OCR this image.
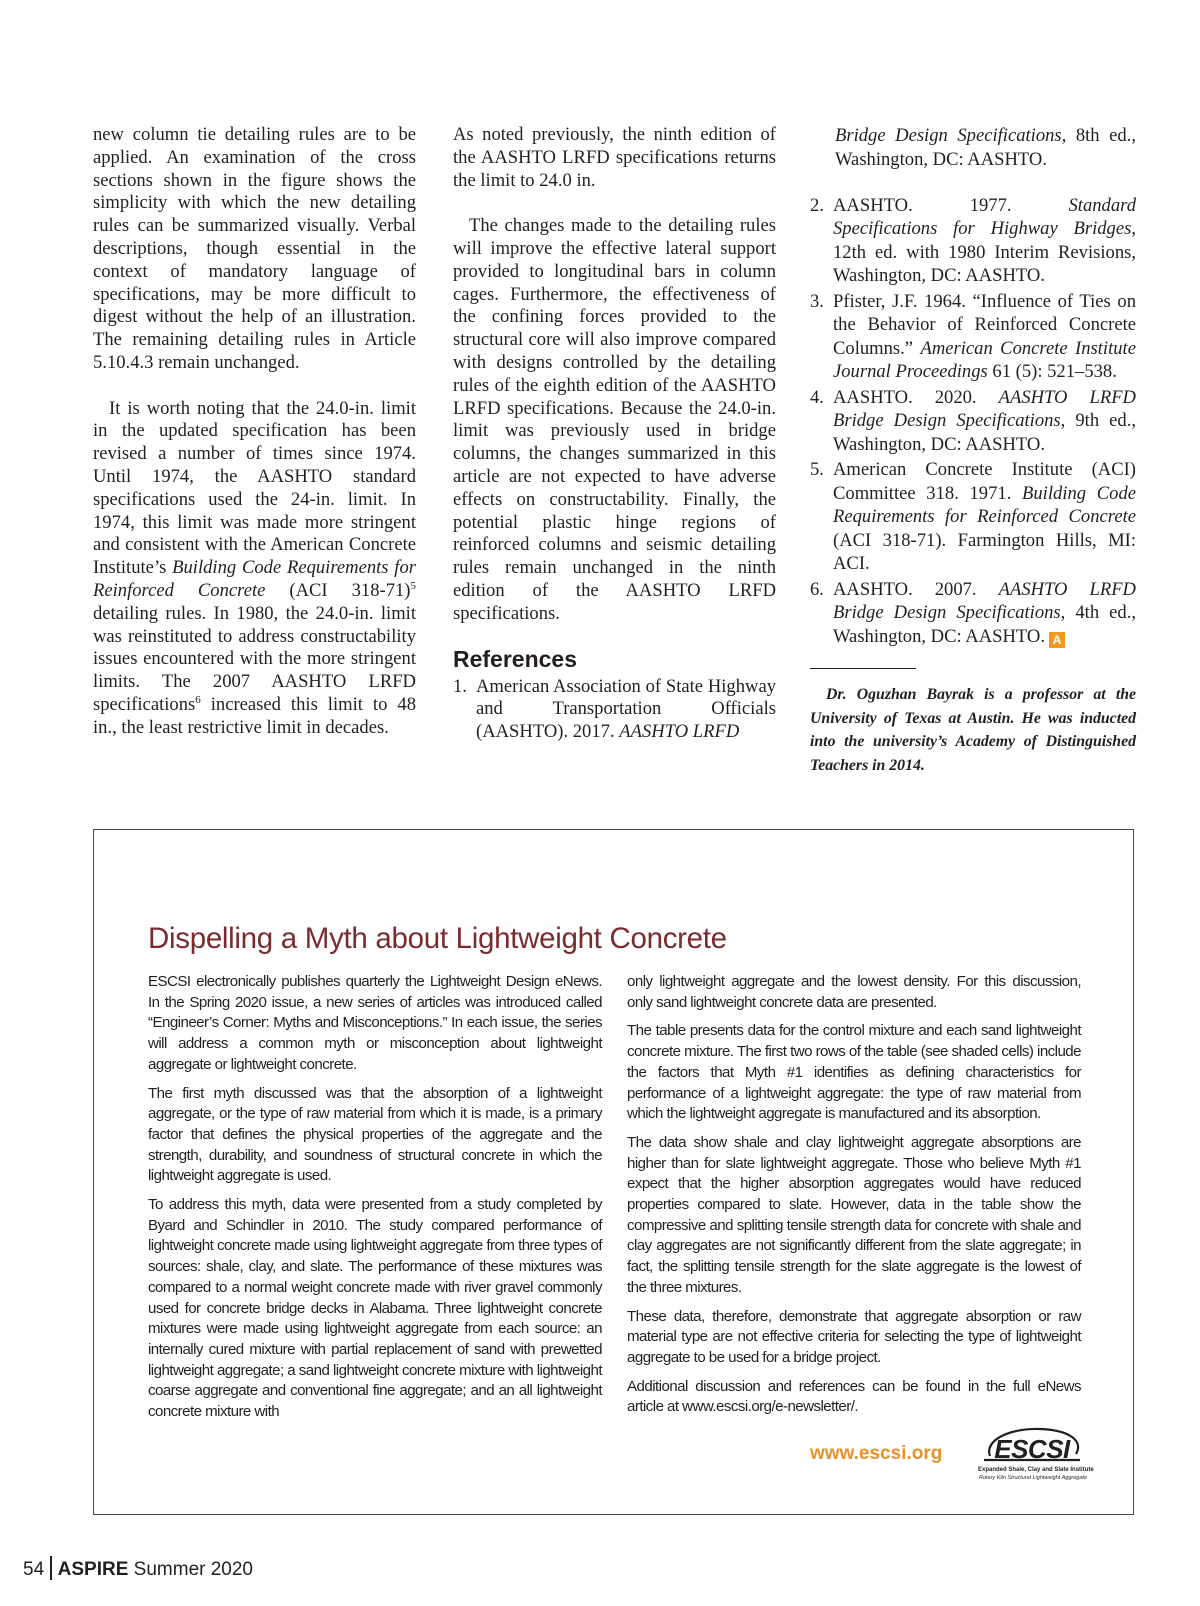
new column tie detailing rules are to be applied. An examination of the cross sections shown in the figure shows the simplicity with which the new detailing rules can be summarized visually. Verbal descriptions, though essential in the context of mandatory language of specifications, may be more difficult to digest without the help of an illustration. The remaining detailing rules in Article 5.10.4.3 remain unchanged.

It is worth noting that the 24.0-in. limit in the updated specification has been revised a number of times since 1974. Until 1974, the AASHTO standard specifications used the 24-in. limit. In 1974, this limit was made more stringent and consistent with the American Concrete Institute’s Building Code Requirements for Reinforced Concrete (ACI 318-71)$^5$ detailing rules. In 1980, the 24.0-in. limit was reinstituted to address constructability issues encountered with the more stringent limits. The 2007 AASHTO LRFD specifications$^6$ increased this limit to 48 in., the least restrictive limit in decades.

As noted previously, the ninth edition of the AASHTO LRFD specifications returns the limit to 24.0 in.

The changes made to the detailing rules will improve the effective lateral support provided to longitudinal bars in column cages. Furthermore, the effectiveness of the confining forces provided to the structural core will also improve compared with designs controlled by the detailing rules of the eighth edition of the AASHTO LRFD specifications. Because the 24.0-in. limit was previously used in bridge columns, the changes summarized in this article are not expected to have adverse effects on constructability. Finally, the potential plastic hinge regions of reinforced columns and seismic detailing rules remain unchanged in the ninth edition of the AASHTO LRFD specifications.

References

1. American Association of State Highway and Transportation Officials (AASHTO). 2017. AASHTO LRFD

Bridge Design Specifications, 8th ed., Washington, DC: AASHTO.

2. AASHTO. 1977. Standard Specifications for Highway Bridges, 12th ed. with 1980 Interim Revisions, Washington, DC: AASHTO.

3. Pfister, J.F. 1964. “Influence of Ties on the Behavior of Reinforced Concrete Columns.” American Concrete Institute Journal Proceedings 61 (5): 521–538.

4. AASHTO. 2020. AASHTO LRFD Bridge Design Specifications, 9th ed., Washington, DC: AASHTO.

5. American Concrete Institute (ACI) Committee 318. 1971. Building Code Requirements for Reinforced Concrete (ACI 318-71). Farmington Hills, MI: ACI.

6. AASHTO. 2007. AASHTO LRFD Bridge Design Specifications, 4th ed., Washington, DC: AASHTO. A

Dr. Oguzhan Bayrak is a professor at the University of Texas at Austin. He was inducted into the university’s Academy of Distinguished Teachers in 2014.

Dispelling a Myth about Lightweight Concrete

ESCSI electronically publishes quarterly the Lightweight Design eNews. In the Spring 2020 issue, a new series of articles was introduced called “Engineer’s Corner: Myths and Misconceptions.” In each issue, the series will address a common myth or misconception about lightweight aggregate or lightweight concrete.

The first myth discussed was that the absorption of a lightweight aggregate, or the type of raw material from which it is made, is a primary factor that defines the physical properties of the aggregate and the strength, durability, and soundness of structural concrete in which the lightweight aggregate is used.

To address this myth, data were presented from a study completed by Byard and Schindler in 2010. The study compared performance of lightweight concrete made using lightweight aggregate from three types of sources: shale, clay, and slate. The performance of these mixtures was compared to a normal weight concrete made with river gravel commonly used for concrete bridge decks in Alabama. Three lightweight concrete mixtures were made using lightweight aggregate from each source: an internally cured mixture with partial replacement of sand with prewetted lightweight aggregate; a sand lightweight concrete mixture with lightweight coarse aggregate and conventional fine aggregate; and an all lightweight concrete mixture with

only lightweight aggregate and the lowest density. For this discussion, only sand lightweight concrete data are presented.

The table presents data for the control mixture and each sand lightweight concrete mixture. The first two rows of the table (see shaded cells) include the factors that Myth #1 identifies as defining characteristics for performance of a lightweight aggregate: the type of raw material from which the lightweight aggregate is manufactured and its absorption.

The data show shale and clay lightweight aggregate absorptions are higher than for slate lightweight aggregate. Those who believe Myth #1 expect that the higher absorption aggregates would have reduced properties compared to slate. However, data in the table show the compressive and splitting tensile strength data for concrete with shale and clay aggregates are not significantly different from the slate aggregate; in fact, the splitting tensile strength for the slate aggregate is the lowest of the three mixtures.

These data, therefore, demonstrate that aggregate absorption or raw material type are not effective criteria for selecting the type of lightweight aggregate to be used for a bridge project.

Additional discussion and references can be found in the full eNews article at www.escsi.org/e-newsletter/.

www.escsi.org	ESCSI
Expanded Shale, Clay and Slate Institute
Rotary Kiln Structural Lightweight Aggregate
54 ASPIRE Summer 2020
